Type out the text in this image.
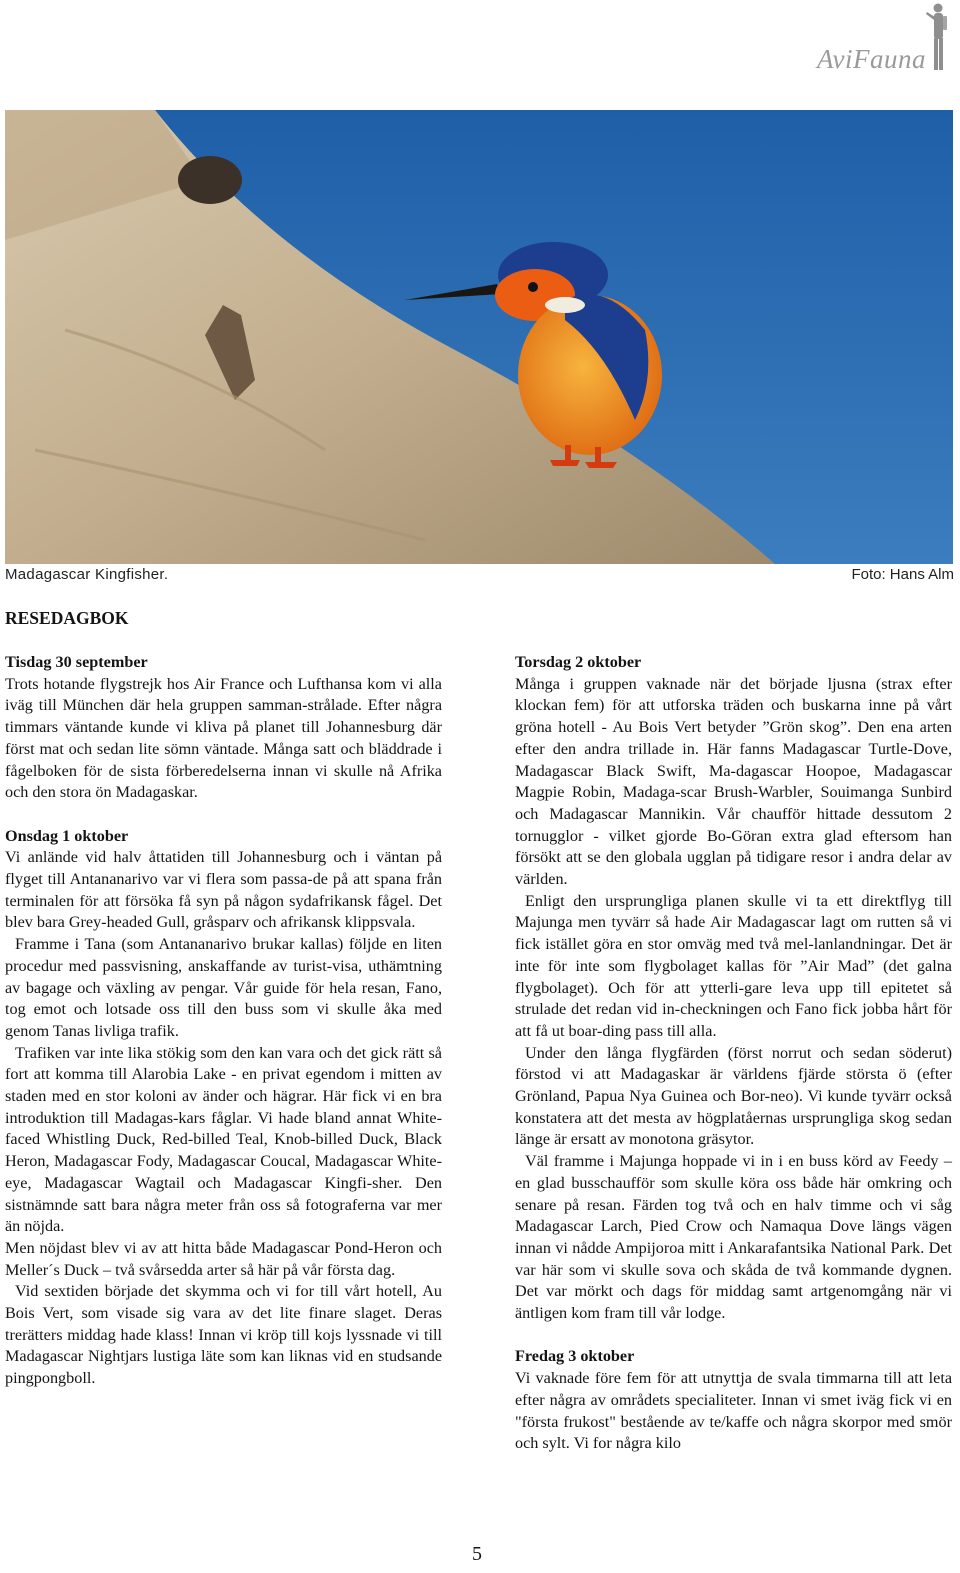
AviFauna
Madagascar Kingfisher.	Foto: Hans Alm
RESEDAGBOK
Tisdag 30 september

Trots hotande flygstrejk hos Air France och Lufthansa kom vi alla iväg till München där hela gruppen samman-strålade. Efter några timmars väntande kunde vi kliva på planet till Johannesburg där först mat och sedan lite sömn väntade. Många satt och bläddrade i fågelboken för de sista förberedelserna innan vi skulle nå Afrika och den stora ön Madagaskar.

Onsdag 1 oktober

Vi anlände vid halv åttatiden till Johannesburg och i väntan på flyget till Antananarivo var vi flera som passa-de på att spana från terminalen för att försöka få syn på någon sydafrikansk fågel. Det blev bara Grey-headed Gull, gråsparv och afrikansk klippsvala.

Framme i Tana (som Antananarivo brukar kallas) följde en liten procedur med passvisning, anskaffande av turist-visa, uthämtning av bagage och växling av pengar. Vår guide för hela resan, Fano, tog emot och lotsade oss till den buss som vi skulle åka med genom Tanas livliga trafik.

Trafiken var inte lika stökig som den kan vara och det gick rätt så fort att komma till Alarobia Lake - en privat egendom i mitten av staden med en stor koloni av änder och hägrar. Här fick vi en bra introduktion till Madagas-kars fåglar. Vi hade bland annat White-faced Whistling Duck, Red-billed Teal, Knob-billed Duck, Black Heron, Madagascar Fody, Madagascar Coucal, Madagascar White-eye, Madagascar Wagtail och Madagascar Kingfi-sher. Den sistnämnde satt bara några meter från oss så fotograferna var mer än nöjda.

Men nöjdast blev vi av att hitta både Madagascar Pond-Heron och Meller´s Duck – två svårsedda arter så här på vår första dag.

Vid sextiden började det skymma och vi for till vårt hotell, Au Bois Vert, som visade sig vara av det lite finare slaget. Deras trerätters middag hade klass! Innan vi kröp till kojs lyssnade vi till Madagascar Nightjars lustiga läte som kan liknas vid en studsande pingpongboll.

Torsdag 2 oktober

Många i gruppen vaknade när det började ljusna (strax efter klockan fem) för att utforska träden och buskarna inne på vårt gröna hotell - Au Bois Vert betyder ”Grön skog”. Den ena arten efter den andra trillade in. Här fanns Madagascar Turtle-Dove, Madagascar Black Swift, Ma-dagascar Hoopoe, Madagascar Magpie Robin, Madaga-scar Brush-Warbler, Souimanga Sunbird och Madagascar Mannikin. Vår chaufför hittade dessutom 2 tornugglor - vilket gjorde Bo-Göran extra glad eftersom han försökt att se den globala ugglan på tidigare resor i andra delar av världen.

Enligt den ursprungliga planen skulle vi ta ett direktflyg till Majunga men tyvärr så hade Air Madagascar lagt om rutten så vi fick istället göra en stor omväg med två mel-lanlandningar. Det är inte för inte som flygbolaget kallas för ”Air Mad” (det galna flygbolaget). Och för att ytterli-gare leva upp till epitetet så strulade det redan vid in-checkningen och Fano fick jobba hårt för att få ut boar-ding pass till alla.

Under den långa flygfärden (först norrut och sedan söderut) förstod vi att Madagaskar är världens fjärde största ö (efter Grönland, Papua Nya Guinea och Bor-neo). Vi kunde tyvärr också konstatera att det mesta av högplatåernas ursprungliga skog sedan länge är ersatt av monotona gräsytor.

Väl framme i Majunga hoppade vi in i en buss körd av Feedy – en glad busschaufför som skulle köra oss både här omkring och senare på resan. Färden tog två och en halv timme och vi såg Madagascar Larch, Pied Crow och Namaqua Dove längs vägen innan vi nådde Ampijoroa mitt i Ankarafantsika National Park. Det var här som vi skulle sova och skåda de två kommande dygnen. Det var mörkt och dags för middag samt artgenomgång när vi äntligen kom fram till vår lodge.

Fredag 3 oktober

Vi vaknade före fem för att utnyttja de svala timmarna till att leta efter några av områdets specialiteter. Innan vi smet iväg fick vi en "första frukost" bestående av te/kaffe och några skorpor med smör och sylt. Vi for några kilo

5
